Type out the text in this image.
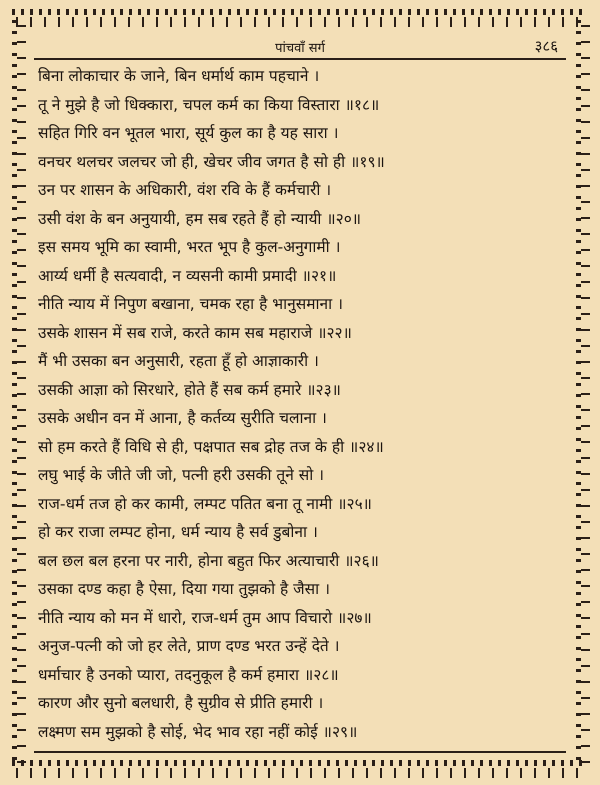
पांचवाँ सर्ग	३८६
बिना लोकाचार के जाने, बिन धर्मार्थ काम पहचाने ।
तू ने मुझे है जो धिक्कारा, चपल कर्म का किया विस्तारा ॥१८॥
सहित गिरि वन भूतल भारा, सूर्य कुल का है यह सारा ।
वनचर थलचर जलचर जो ही, खेचर जीव जगत है सो ही ॥१९॥
उन पर शासन के अधिकारी, वंश रवि के हैं कर्मचारी ।
उसी वंश के बन अनुयायी, हम सब रहते हैं हो न्यायी ॥२०॥
इस समय भूमि का स्वामी, भरत भूप है कुल-अनुगामी ।
आर्य्य धर्मी है सत्यवादी, न व्यसनी कामी प्रमादी ॥२१॥
नीति न्याय में निपुण बखाना, चमक रहा है भानुसमाना ।
उसके शासन में सब राजे, करते काम सब महाराजे ॥२२॥
मैं भी उसका बन अनुसारी, रहता हूँ हो आज्ञाकारी ।
उसकी आज्ञा को सिरधारे, होते हैं सब कर्म हमारे ॥२३॥
उसके अधीन वन में आना, है कर्तव्य सुरीति चलाना ।
सो हम करते हैं विधि से ही, पक्षपात सब द्रोह तज के ही ॥२४॥
लघु भाई के जीते जी जो, पत्नी हरी उसकी तूने सो ।
राज-धर्म तज हो कर कामी, लम्पट पतित बना तू नामी ॥२५॥
हो कर राजा लम्पट होना, धर्म न्याय है सर्व डुबोना ।
बल छल बल हरना पर नारी, होना बहुत फिर अत्याचारी ॥२६॥
उसका दण्ड कहा है ऐसा, दिया गया तुझको है जैसा ।
नीति न्याय को मन में धारो, राज-धर्म तुम आप विचारो ॥२७॥
अनुज-पत्नी को जो हर लेते, प्राण दण्ड भरत उन्हें देते ।
धर्माचार है उनको प्यारा, तदनुकूल है कर्म हमारा ॥२८॥
कारण और सुनो बलधारी, है सुग्रीव से प्रीति हमारी ।
लक्ष्मण सम मुझको है सोई, भेद भाव रहा नहीं कोई ॥२९॥
